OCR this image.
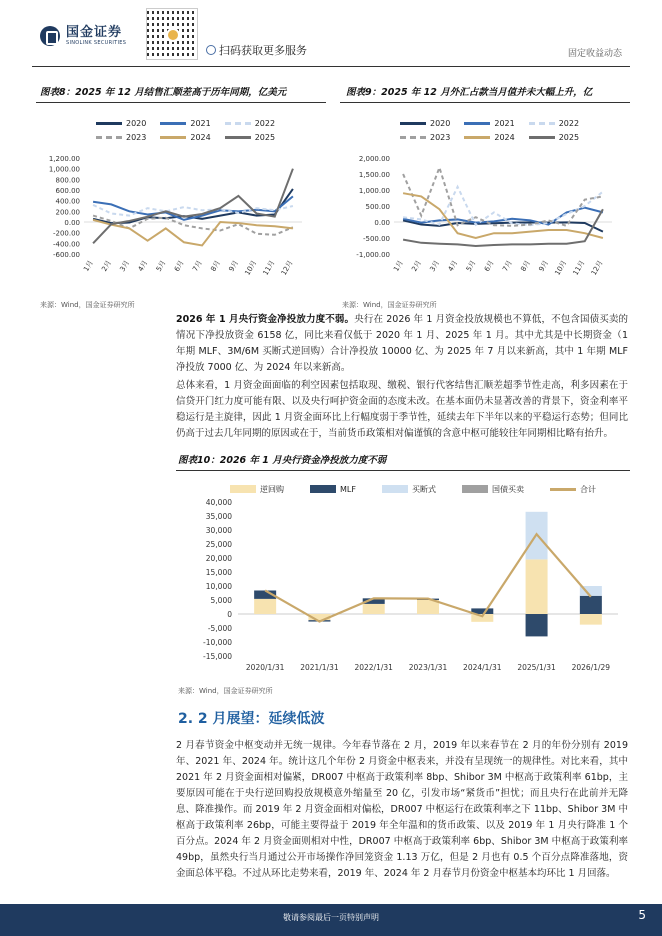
国金证券
SINOLINK SECURITIES
扫码获取更多服务	固定收益动态
图表8：2025 年 12 月结售汇顺差高于历年同期，亿美元	图表9：2025 年 12 月外汇占款当月值并未大幅上升，亿
2020	2021	2022
2023	2024	2025
2020	2021	2022
2023	2024	2025
1,200.00
1,000.00
800.00
600.00
400.00
200.00
0.00
-200.00
-400.00
-600.00
1月 2月 3月 4月 5月 6月 7月 8月 9月 10月 11月 12月
2,000.00
1,500.00
1,000.00
500.00
0.00
-500.00
-1,000.00
1月 2月 3月 4月 5月 6月 7月 8月 9月 10月 11月 12月
来源：Wind，国金证券研究所	来源：Wind，国金证券研究所
2026 年 1 月央行资金净投放力度不弱。央行在 2026 年 1 月资金投放规模也不算低，不包含国债买卖的情况下净投放资金 6158 亿，同比来看仅低于 2020 年 1 月、2025 年 1 月。其中尤其是中长期资金（1 年期 MLF、3M/6M 买断式逆回购）合计净投放 10000 亿、为 2025 年 7 月以来新高，其中 1 年期 MLF 净投放 7000 亿、为 2024 年以来新高。
总体来看，1 月资金面面临的利空因素包括取现、缴税、银行代客结售汇顺差超季节性走高，利多因素在于信贷开门红力度可能有限、以及央行呵护资金面的态度未改。在基本面仍未显著改善的背景下，资金利率平稳运行是主旋律，因此 1 月资金面环比上行幅度弱于季节性，延续去年下半年以来的平稳运行态势；但同比仍高于过去几年同期的原因或在于，当前货币政策相对偏谨慎的含意中枢可能较往年同期相比略有抬升。
图表10：2026 年 1 月央行资金净投放力度不弱
逆回购	MLF	买断式	国债买卖	合计
40,000
35,000
30,000
25,000
20,000
15,000
10,000
5,000
0
-5,000
-10,000
-15,000
2020/1/31 2021/1/31 2022/1/31 2023/1/31 2024/1/31 2025/1/31 2026/1/29
来源：Wind，国金证券研究所
2. 2 月展望：延续低波
2 月春节资金中枢变动并无统一规律。今年春节落在 2 月，2019 年以来春节在 2 月的年份分别有 2019 年、2021 年、2024 年。统计这几个年份 2 月资金中枢表来，并没有呈现统一的规律性。对比来看，其中 2021 年 2 月资金面相对偏紧，DR007 中枢高于政策利率 8bp、Shibor 3M 中枢高于政策利率 61bp，主要原因可能在于央行逆回购投放规模意外缩量至 20 亿，引发市场“紧货币”担忧；而且央行在此前并无降息、降准操作。而 2019 年 2 月资金面相对偏松，DR007 中枢运行在政策利率之下 11bp、Shibor 3M 中枢高于政策利率 26bp，可能主要得益于 2019 年全年温和的货币政策、以及 2019 年 1 月央行降准 1 个百分点。2024 年 2 月资金面则相对中性，DR007 中枢高于政策利率 6bp、Shibor 3M 中枢高于政策利率 49bp，虽然央行当月通过公开市场操作净回笼资金 1.13 万亿，但是 2 月也有 0.5 个百分点降准落地，资金面总体平稳。不过从环比走势来看，2019 年、2024 年 2 月春节月份资金中枢基本均环比 1 月回落。
敬请参阅最后一页特别声明	5
